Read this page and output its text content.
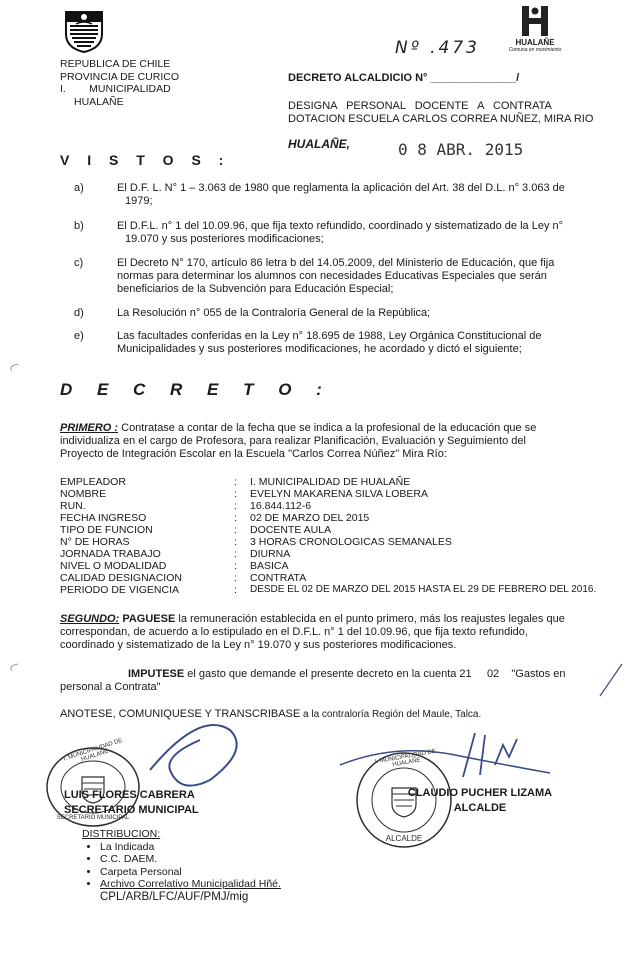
REPUBLICA DE CHILE
PROVINCIA DE CURICO
I.        MUNICIPALIDAD
HUALAÑE
HUALAÑE
Comuna en movimiento
Nº .473
DECRETO ALCALDICIO N° ______________/
DESIGNA   PERSONAL   DOCENTE   A   CONTRATA
DOTACION ESCUELA CARLOS CORREA NUÑEZ, MIRA RIO
HUALAÑE,	0 8 ABR. 2015
V I S T O S :
a)	El D.F. L. N° 1 – 3.063 de 1980 que reglamenta la aplicación del Art. 38 del D.L. n° 3.063 de
1979;
b)	El D.F.L. n° 1 del 10.09.96, que fija texto refundido, coordinado y sistematizado de la Ley n°
19.070 y sus posteriores modificaciones;
c)	El Decreto N° 170, artículo 86 letra b del 14.05.2009, del Ministerio de Educación, que fija
normas para determinar los alumnos con necesidades Educativas Especiales que serán
beneficiarios de la Subvención para Educación Especial;
d)	La Resolución n° 055 de la Contraloría General de la República;
e)	Las facultades conferidas en la Ley n° 18.695 de 1988, Ley Orgánica Constitucional de
Municipalidades y sus posteriores modificaciones, he acordado y dictó el siguiente;
D E C R E T O :
PRIMERO : Contratase a contar de la fecha que se indica a la profesional de la educación que se
individualiza en el cargo de Profesora, para realizar Planificación, Evaluación y Seguimiento del
Proyecto de Integración Escolar en la Escuela "Carlos Correa Núñez" Mira Río:
EMPLEADOR	:	I. MUNICIPALIDAD DE HUALAÑE
NOMBRE	:	EVELYN MAKARENA SILVA LOBERA
RUN.	:	16.844.112-6
FECHA INGRESO	:	02 DE MARZO DEL 2015
TIPO DE FUNCION	:	DOCENTE AULA
N° DE HORAS	:	3 HORAS CRONOLOGICAS SEMANALES
JORNADA TRABAJO	:	DIURNA
NIVEL O MODALIDAD	:	BASICA
CALIDAD DESIGNACION	:	CONTRATA
PERIODO DE VIGENCIA	:	DESDE EL 02 DE MARZO DEL 2015 HASTA EL 29 DE FEBRERO DEL 2016.
SEGUNDO: PAGUESE la remuneración establecida en el punto primero, más los reajustes legales que
correspondan, de acuerdo a lo estipulado en el D.F.L. n° 1 del 10.09.96, que fija texto refundido,
coordinado y sistematizado de la Ley n° 19.070 y sus posteriores modificaciones.
IMPUTESE el gasto que demande el presente decreto en la cuenta 21     02    "Gastos en
personal a Contrata"
ANOTESE, COMUNIQUESE Y TRANSCRIBASE a la contraloría Región del Maule, Talca.
I. MUNICIPALIDAD DE HUALAÑE
SECRETARIO MUNICIPAL
LUIS FLORES CABRERA
SECRETARIO MUNICIPAL
I. MUNICIPALIDAD DE HUALAÑE
ALCALDE
CLAUDIO PUCHER LIZAMA
ALCALDE
DISTRIBUCION:
• La Indicada
• C.C. DAEM.
• Carpeta Personal
• Archivo Correlativo Municipalidad Hñé.
CPL/ARB/LFC/AUF/PMJ/mig
